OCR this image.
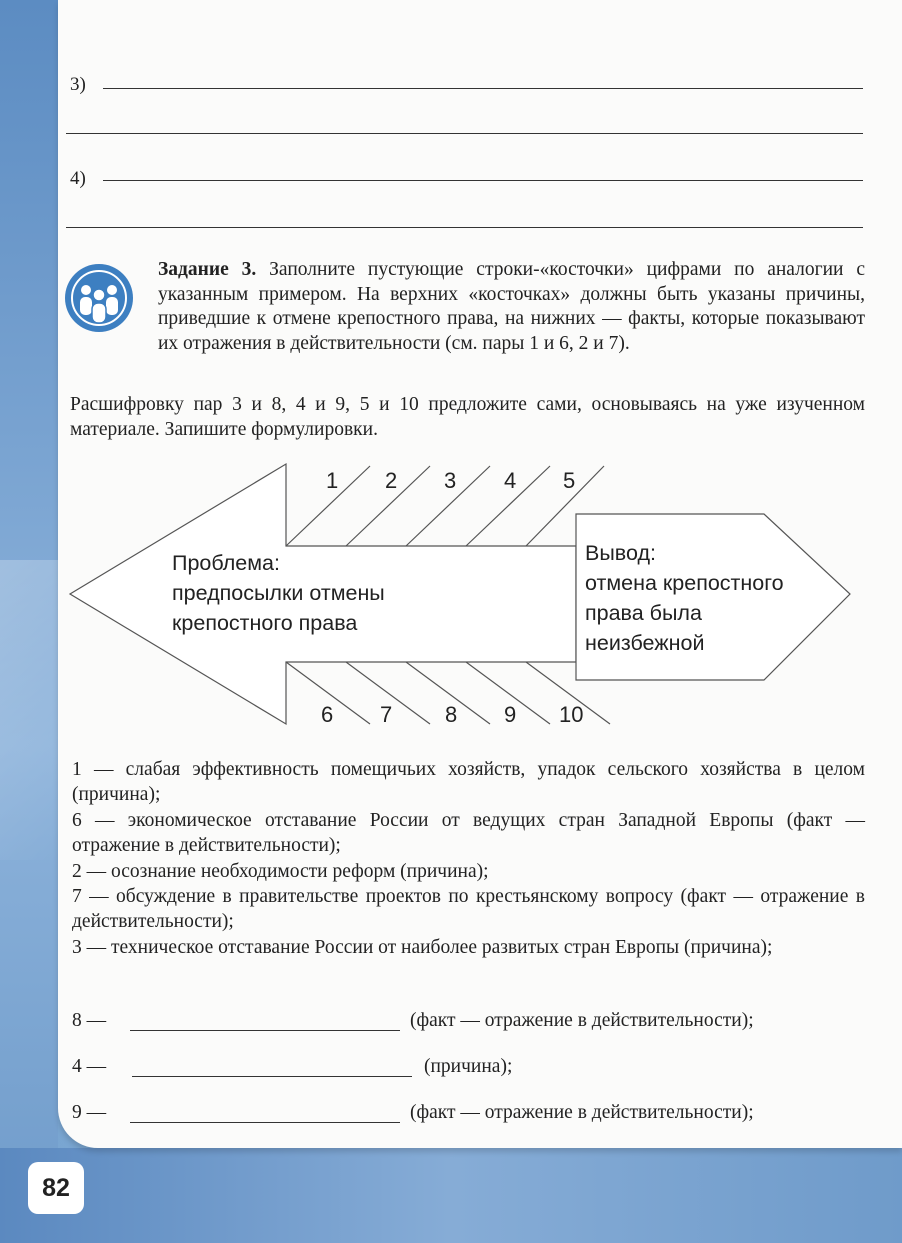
3)
4)
Задание 3. Заполните пустующие строки-«косточки» цифрами по аналогии с указанным примером. На верхних «косточках» должны быть указаны причины, приведшие к отмене крепостного права, на нижних — факты, которые показывают их отражения в действительности (см. пары 1 и 6, 2 и 7).
Расшифровку пар 3 и 8, 4 и 9, 5 и 10 предложите сами, основываясь на уже изученном материале. Запишите формулировки.
1 2 3 4 5
6 7 8 9 10
Проблема:
предпосылки отмены
крепостного права
Вывод:
отмена крепостного
права была
неизбежной

1 — слабая эффективность помещичьих хозяйств, упадок сельского хозяйства в целом (причина);

6 — экономическое отставание России от ведущих стран Западной Европы (факт — отражение в действительности);

2 — осознание необходимости реформ (причина);

7 — обсуждение в правительстве проектов по крестьянскому вопросу (факт — отражение в действительности);

3 — техническое отставание России от наиболее развитых стран Европы (причина);

8 —	(факт — отражение в действительности);
4 —	(причина);
9 —	(факт — отражение в действительности);
82
